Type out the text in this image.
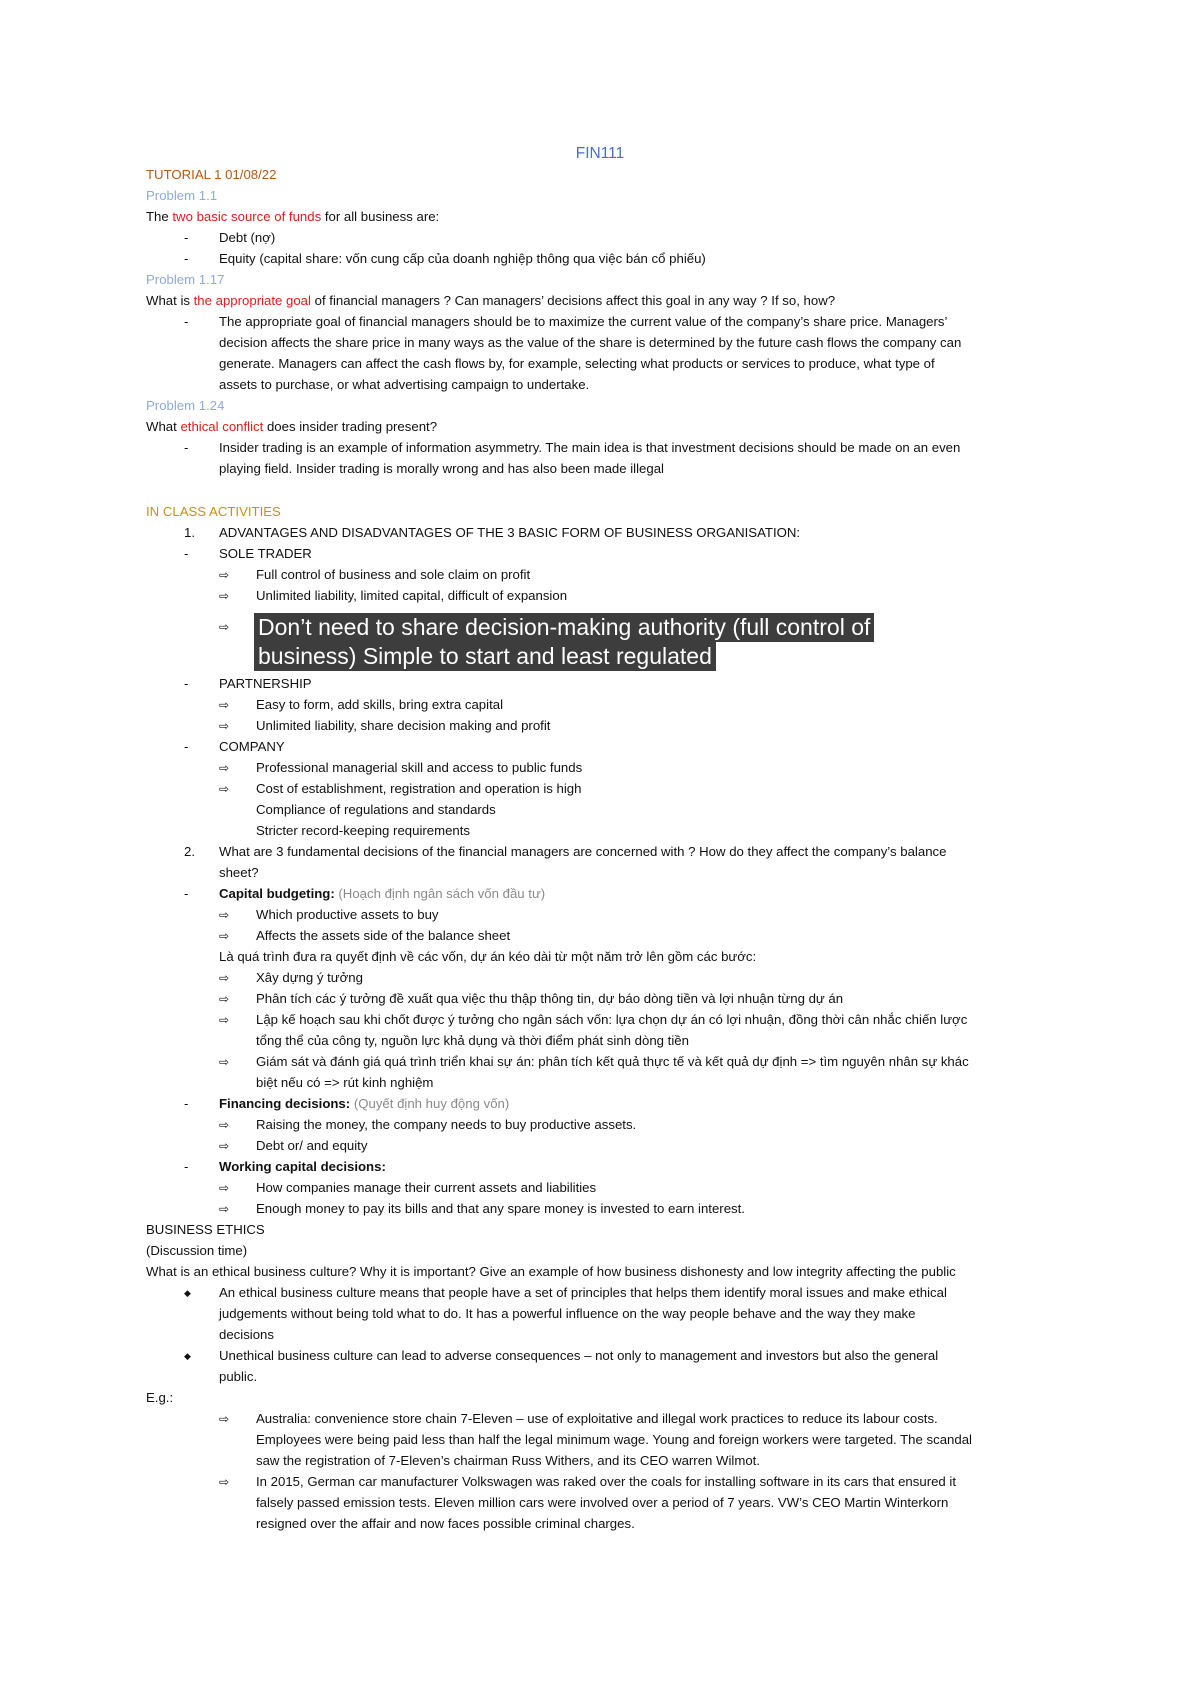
FIN111
TUTORIAL 1 01/08/22
Problem 1.1
The two basic source of funds for all business are:
- Debt (nợ)
- Equity (capital share: vốn cung cấp của doanh nghiệp thông qua việc bán cổ phiếu)
Problem 1.17
What is the appropriate goal of financial managers ? Can managers’ decisions affect this goal in any way ? If so, how?
- The appropriate goal of financial managers should be to maximize the current value of the company’s share price. Managers’
decision affects the share price in many ways as the value of the share is determined by the future cash flows the company can
generate. Managers can affect the cash flows by, for example, selecting what products or services to produce, what type of
assets to purchase, or what advertising campaign to undertake.
Problem 1.24
What ethical conflict does insider trading present?
- Insider trading is an example of information asymmetry. The main idea is that investment decisions should be made on an even
playing field. Insider trading is morally wrong and has also been made illegal
IN CLASS ACTIVITIES
1. ADVANTAGES AND DISADVANTAGES OF THE 3 BASIC FORM OF BUSINESS ORGANISATION:
- SOLE TRADER
⇨ Full control of business and sole claim on profit
⇨ Unlimited liability, limited capital, difficult of expansion
⇨ Don’t need to share decision-making authority (full control of
business) Simple to start and least regulated
- PARTNERSHIP
⇨ Easy to form, add skills, bring extra capital
⇨ Unlimited liability, share decision making and profit
- COMPANY
⇨ Professional managerial skill and access to public funds
⇨ Cost of establishment, registration and operation is high
Compliance of regulations and standards
Stricter record-keeping requirements
2. What are 3 fundamental decisions of the financial managers are concerned with ? How do they affect the company’s balance
sheet?
- Capital budgeting: (Hoạch định ngân sách vốn đầu tư)
⇨ Which productive assets to buy
⇨ Affects the assets side of the balance sheet
Là quá trình đưa ra quyết định về các vốn, dự án kéo dài từ một năm trở lên gồm các bước:
⇨ Xây dựng ý tưởng
⇨ Phân tích các ý tưởng đề xuất qua việc thu thập thông tin, dự báo dòng tiền và lợi nhuận từng dự án
⇨ Lập kế hoạch sau khi chốt được ý tưởng cho ngân sách vốn: lựa chọn dự án có lợi nhuận, đồng thời cân nhắc chiến lược
tổng thể của công ty, nguồn lực khả dụng và thời điểm phát sinh dòng tiền
⇨ Giám sát và đánh giá quá trình triển khai sự án: phân tích kết quả thực tế và kết quả dự định => tìm nguyên nhân sự khác
biệt nếu có => rút kinh nghiệm
- Financing decisions: (Quyết định huy động vốn)
⇨ Raising the money, the company needs to buy productive assets.
⇨ Debt or/ and equity
- Working capital decisions:
⇨ How companies manage their current assets and liabilities
⇨ Enough money to pay its bills and that any spare money is invested to earn interest.
BUSINESS ETHICS
(Discussion time)
What is an ethical business culture? Why it is important? Give an example of how business dishonesty and low integrity affecting the public
◆ An ethical business culture means that people have a set of principles that helps them identify moral issues and make ethical
judgements without being told what to do. It has a powerful influence on the way people behave and the way they make
decisions
◆ Unethical business culture can lead to adverse consequences – not only to management and investors but also the general
public.
E.g.:
⇨ Australia: convenience store chain 7-Eleven – use of exploitative and illegal work practices to reduce its labour costs.
Employees were being paid less than half the legal minimum wage. Young and foreign workers were targeted. The scandal
saw the registration of 7-Eleven’s chairman Russ Withers, and its CEO warren Wilmot.
⇨ In 2015, German car manufacturer Volkswagen was raked over the coals for installing software in its cars that ensured it
falsely passed emission tests. Eleven million cars were involved over a period of 7 years. VW’s CEO Martin Winterkorn
resigned over the affair and now faces possible criminal charges.
